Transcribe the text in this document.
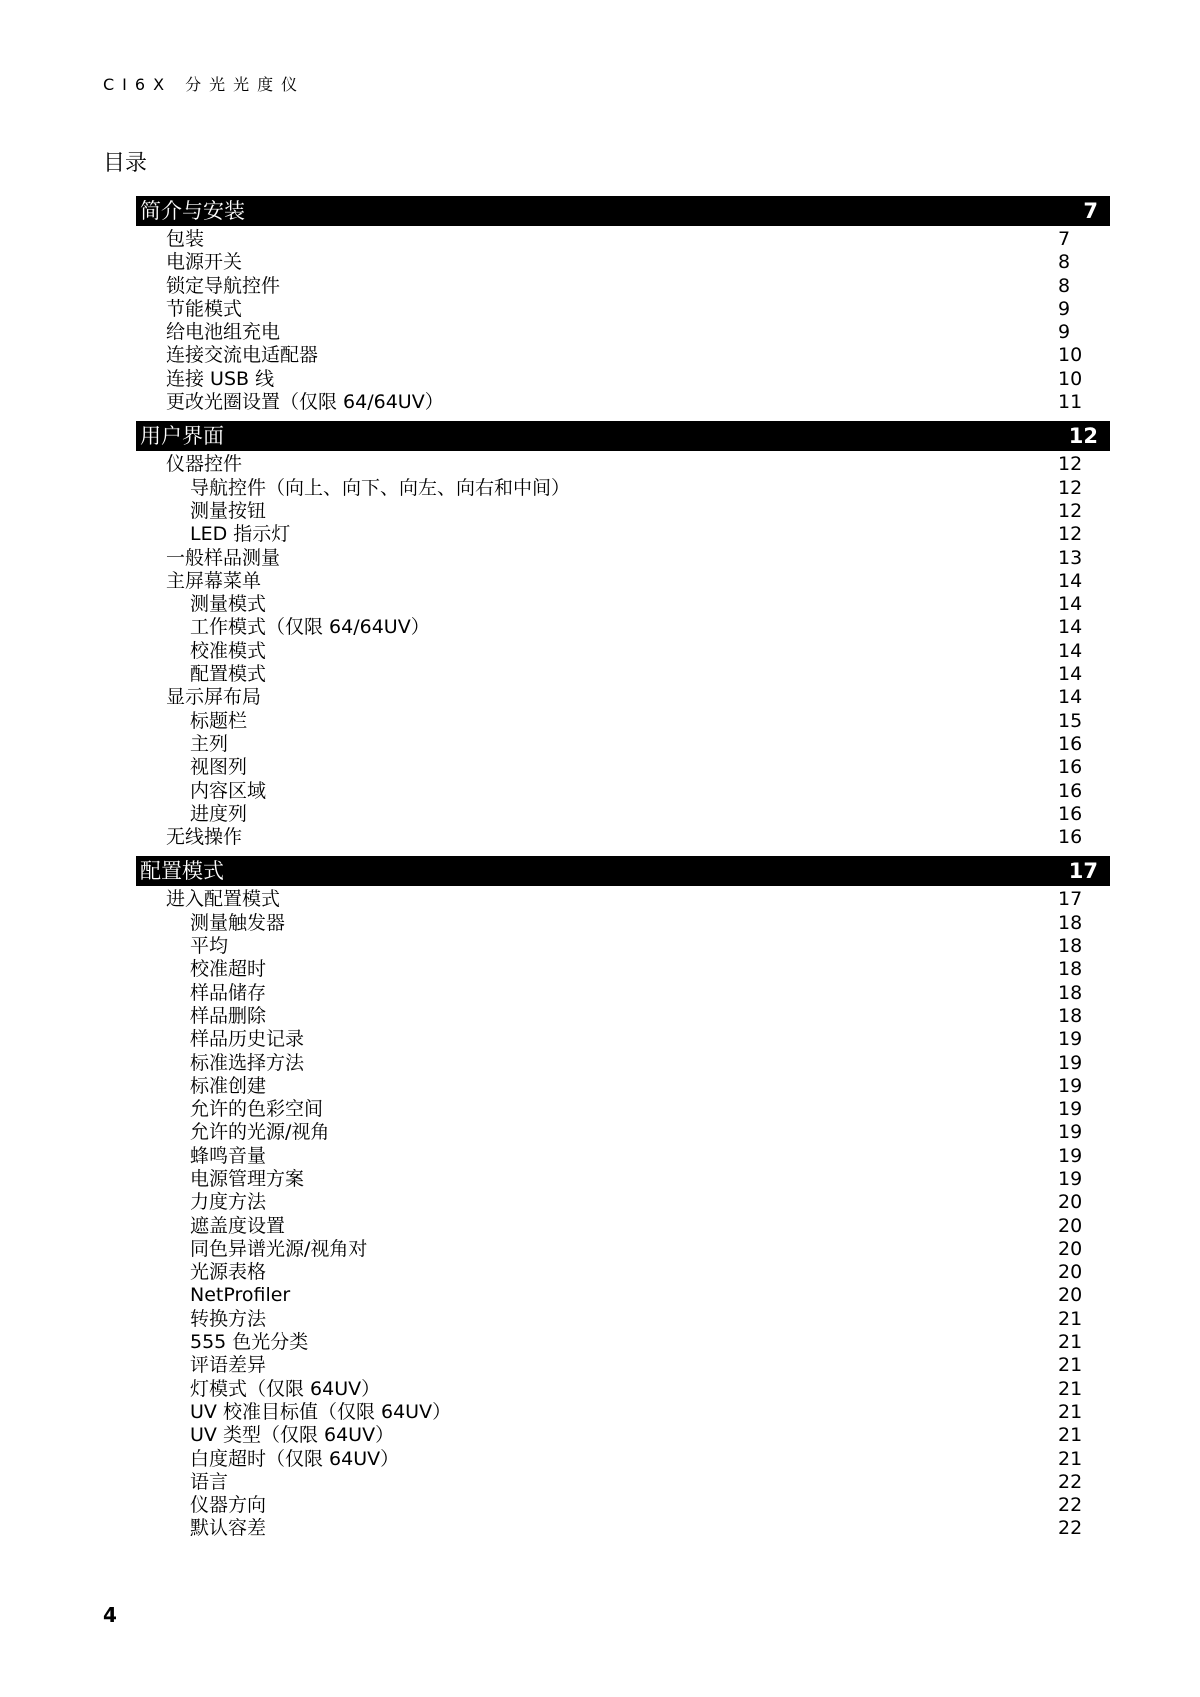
CI6X 分光光度仪
目录
简介与安装	7
包装	7
电源开关	8
锁定导航控件	8
节能模式	9
给电池组充电	9
连接交流电适配器	10
连接 USB 线	10
更改光圈设置（仅限 64/64UV）	11
用户界面	12
仪器控件	12
导航控件（向上、向下、向左、向右和中间）	12
测量按钮	12
LED 指示灯	12
一般样品测量	13
主屏幕菜单	14
测量模式	14
工作模式（仅限 64/64UV）	14
校准模式	14
配置模式	14
显示屏布局	14
标题栏	15
主列	16
视图列	16
内容区域	16
进度列	16
无线操作	16
配置模式	17
进入配置模式	17
测量触发器	18
平均	18
校准超时	18
样品储存	18
样品删除	18
样品历史记录	19
标准选择方法	19
标准创建	19
允许的色彩空间	19
允许的光源/视角	19
蜂鸣音量	19
电源管理方案	19
力度方法	20
遮盖度设置	20
同色异谱光源/视角对	20
光源表格	20
NetProfiler	20
转换方法	21
555 色光分类	21
评语差异	21
灯模式（仅限 64UV）	21
UV 校准目标值（仅限 64UV）	21
UV 类型（仅限 64UV）	21
白度超时（仅限 64UV）	21
语言	22
仪器方向	22
默认容差	22
4
